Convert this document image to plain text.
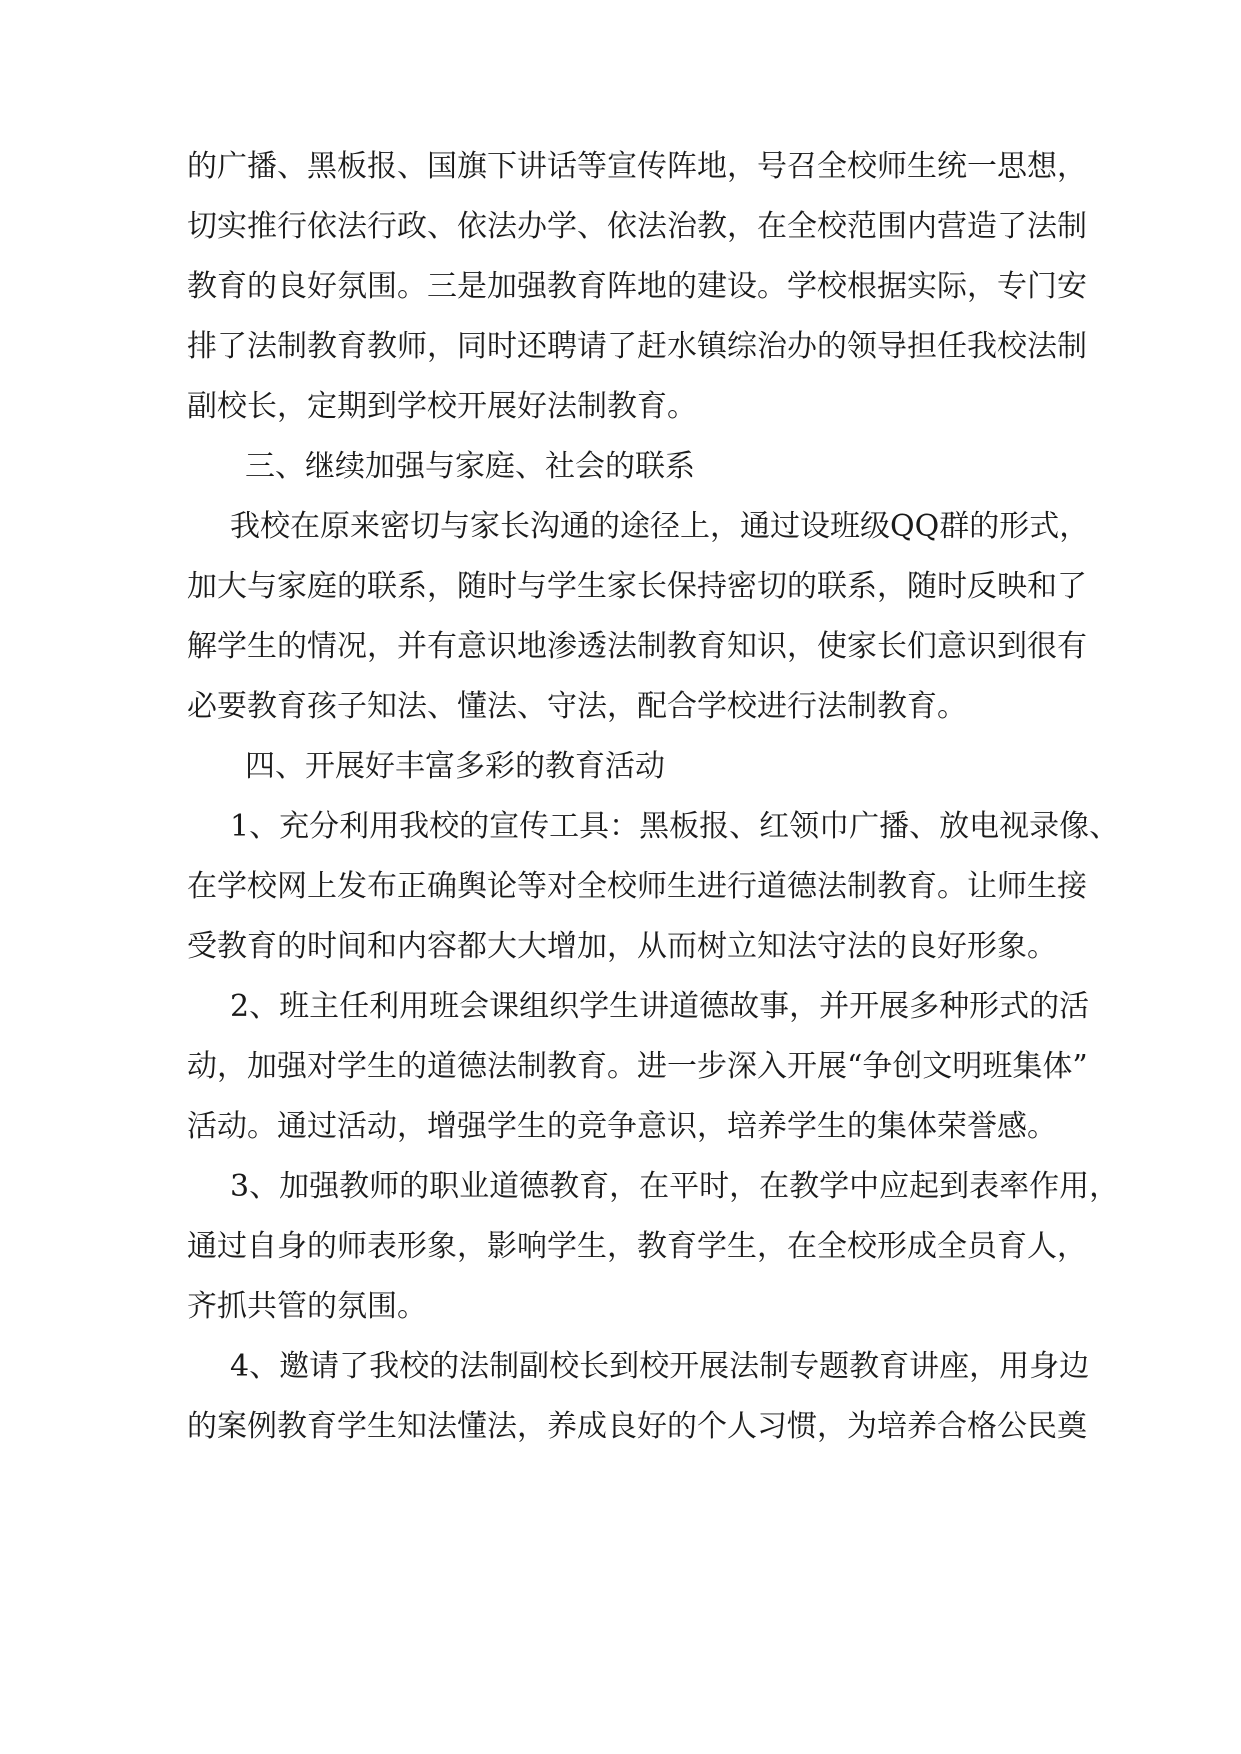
的广播、黑板报、国旗下讲话等宣传阵地，号召全校师生统一思想，
切实推行依法行政、依法办学、依法治教，在全校范围内营造了法制
教育的良好氛围。三是加强教育阵地的建设。学校根据实际，专门安
排了法制教育教师，同时还聘请了赶水镇综治办的领导担任我校法制
副校长，定期到学校开展好法制教育。
三、继续加强与家庭、社会的联系
我校在原来密切与家长沟通的途径上，通过设班级QQ群的形式，
加大与家庭的联系，随时与学生家长保持密切的联系，随时反映和了
解学生的情况，并有意识地渗透法制教育知识，使家长们意识到很有
必要教育孩子知法、懂法、守法，配合学校进行法制教育。
四、开展好丰富多彩的教育活动
1、充分利用我校的宣传工具：黑板报、红领巾广播、放电视录像、
在学校网上发布正确舆论等对全校师生进行道德法制教育。让师生接
受教育的时间和内容都大大增加，从而树立知法守法的良好形象。
2、班主任利用班会课组织学生讲道德故事，并开展多种形式的活
动，加强对学生的道德法制教育。进一步深入开展“争创文明班集体”
活动。通过活动，增强学生的竞争意识，培养学生的集体荣誉感。
3、加强教师的职业道德教育，在平时，在教学中应起到表率作用，
通过自身的师表形象，影响学生，教育学生，在全校形成全员育人，
齐抓共管的氛围。
4、邀请了我校的法制副校长到校开展法制专题教育讲座，用身边
的案例教育学生知法懂法，养成良好的个人习惯，为培养合格公民奠
